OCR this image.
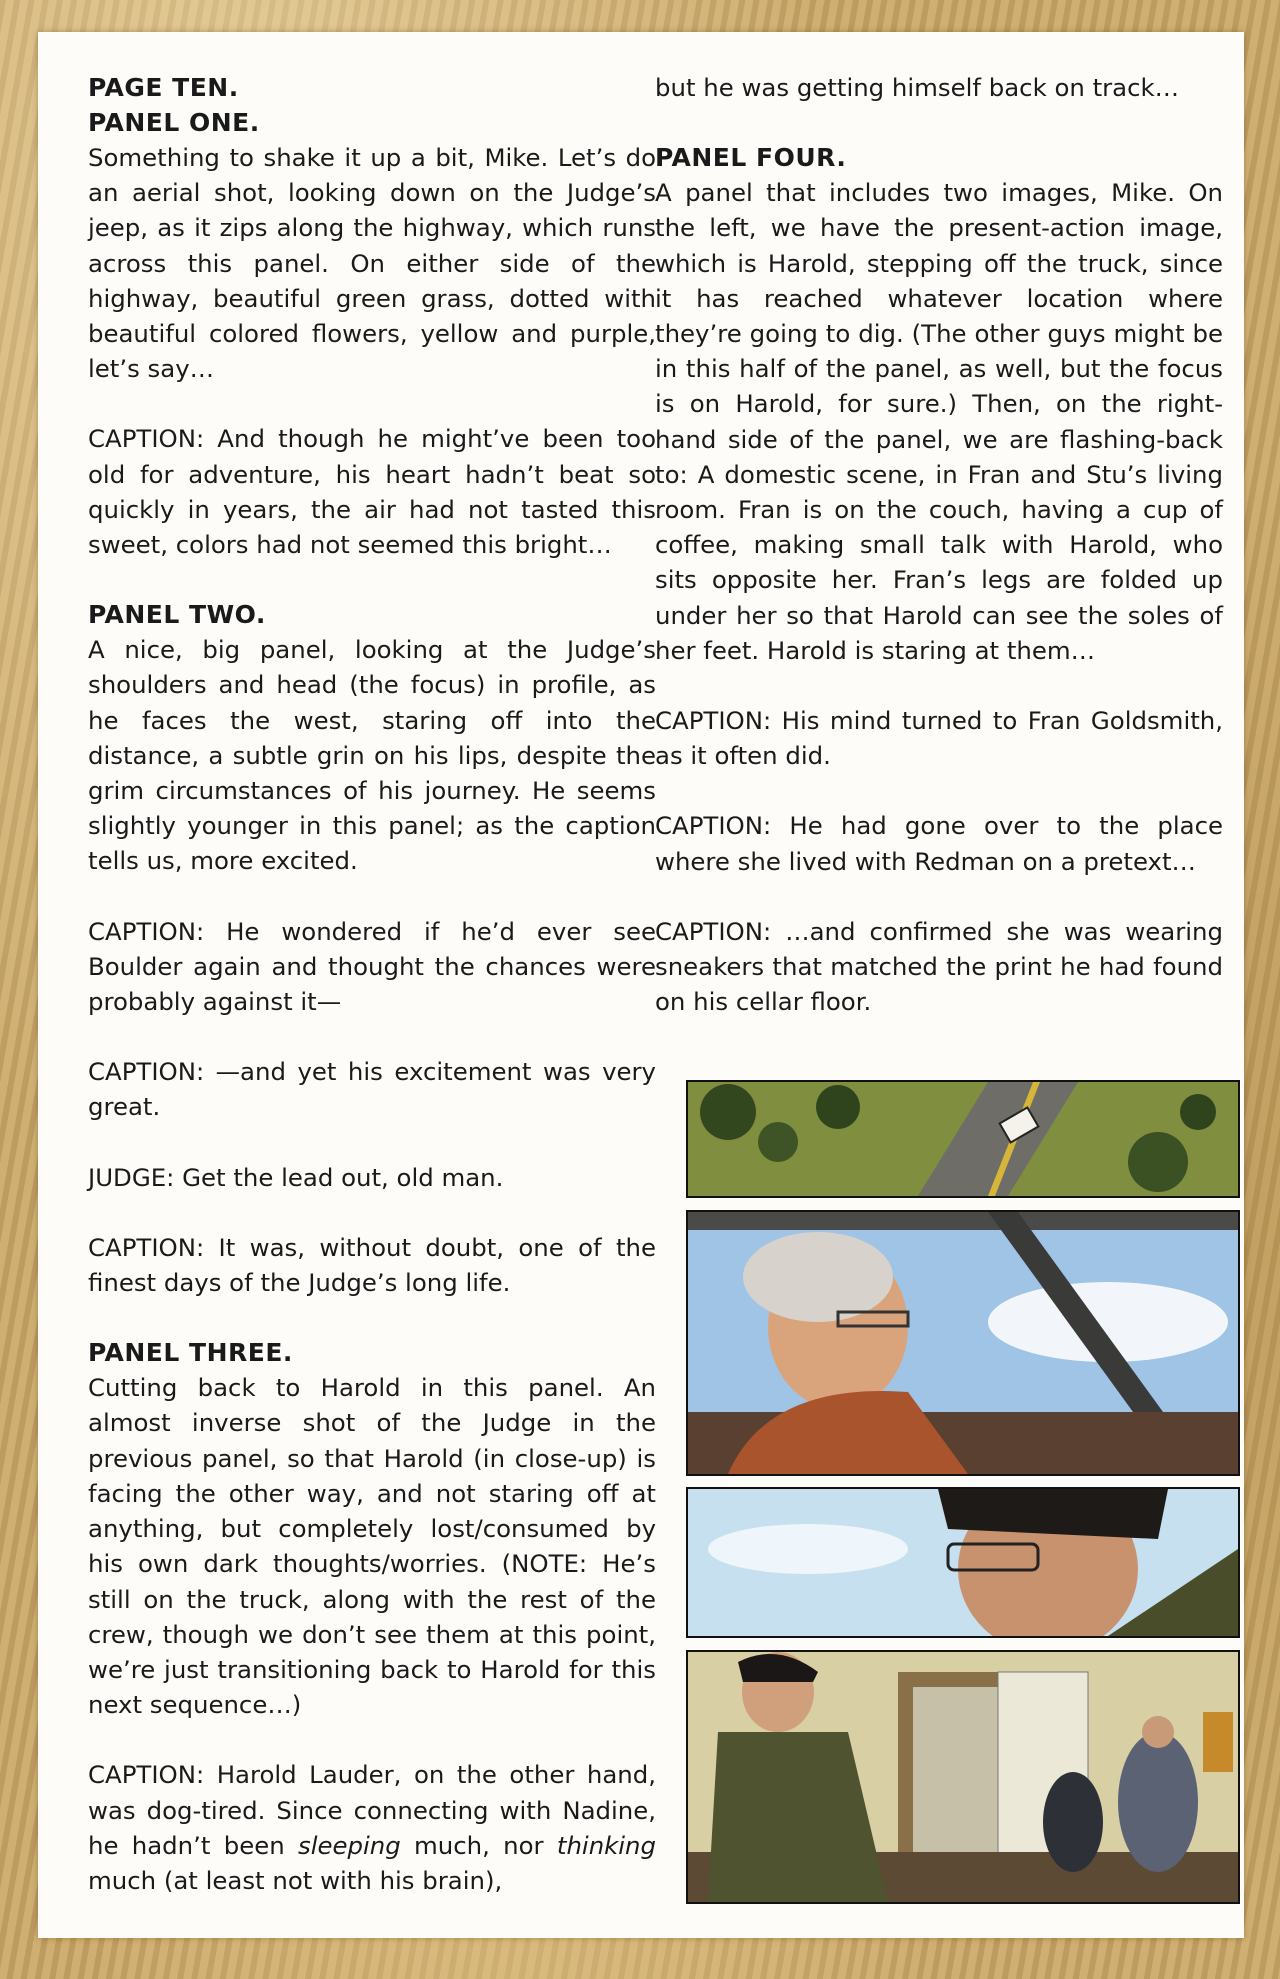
PAGE TEN.
PANEL ONE.

Something to shake it up a bit, Mike. Let’s do an aerial shot, looking down on the Judge’s jeep, as it zips along the highway, which runs across this panel. On either side of the highway, beautiful green grass, dotted with beautiful colored flowers, yellow and purple, let’s say…

CAPTION: And though he might’ve been too old for adventure, his heart hadn’t beat so quickly in years, the air had not tasted this sweet, colors had not seemed this bright…

PANEL TWO.

A nice, big panel, looking at the Judge’s shoulders and head (the focus) in profile, as he faces the west, staring off into the distance, a subtle grin on his lips, despite the grim circumstances of his journey. He seems slightly younger in this panel; as the caption tells us, more excited.

CAPTION: He wondered if he’d ever see Boulder again and thought the chances were probably against it—

CAPTION: —and yet his excitement was very great.

JUDGE: Get the lead out, old man.

CAPTION: It was, without doubt, one of the finest days of the Judge’s long life.

PANEL THREE.

Cutting back to Harold in this panel. An almost inverse shot of the Judge in the previous panel, so that Harold (in close-up) is facing the other way, and not staring off at anything, but completely lost/consumed by his own dark thoughts/worries. (NOTE: He’s still on the truck, along with the rest of the crew, though we don’t see them at this point, we’re just transitioning back to Harold for this next sequence…)

CAPTION: Harold Lauder, on the other hand, was dog-tired. Since connecting with Nadine, he hadn’t been sleeping much, nor thinking much (at least not with his brain),

but he was getting himself back on track…

PANEL FOUR.

A panel that includes two images, Mike. On the left, we have the present-action image, which is Harold, stepping off the truck, since it has reached whatever location where they’re going to dig. (The other guys might be in this half of the panel, as well, but the focus is on Harold, for sure.) Then, on the right-hand side of the panel, we are flashing-back to: A domestic scene, in Fran and Stu’s living room. Fran is on the couch, having a cup of coffee, making small talk with Harold, who sits opposite her. Fran’s legs are folded up under her so that Harold can see the soles of her feet. Harold is staring at them…

CAPTION: His mind turned to Fran Goldsmith, as it often did.

CAPTION: He had gone over to the place where she lived with Redman on a pretext…

CAPTION: …and confirmed she was wearing sneakers that matched the print he had found on his cellar floor.
